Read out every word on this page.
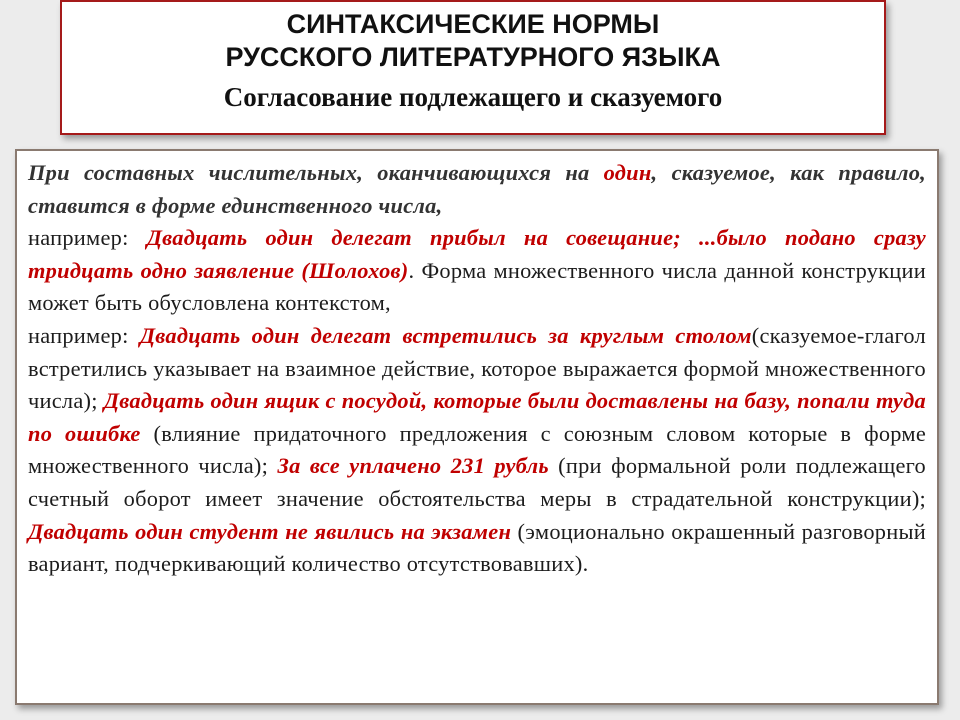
СИНТАКСИЧЕСКИЕ НОРМЫ
РУССКОГО ЛИТЕРАТУРНОГО ЯЗЫКА
Согласование подлежащего и сказуемого

При составных числительных, оканчивающихся на один, сказуемое, как правило, ставится в форме единственного числа,

например: Двадцать один делегат прибыл на совещание; ...было подано сразу тридцать одно заявление (Шолохов). Форма множественного числа данной конструкции может быть обусловлена контекстом,

например: Двадцать один делегат встретились за круглым столом(сказуемое-глагол встретились указывает на взаимное действие, которое выражается формой множественного числа); Двадцать один ящик с посудой, которые были доставлены на базу, попали туда по ошибке (влияние придаточного предложения с союзным словом которые в форме множественного числа); За все уплачено 231 рубль (при формальной роли подлежащего счетный оборот имеет значение обстоятельства меры в страдательной конструкции); Двадцать один студент не явились на экзамен (эмоционально окрашенный разговорный вариант, подчеркивающий количество отсутствовавших).
